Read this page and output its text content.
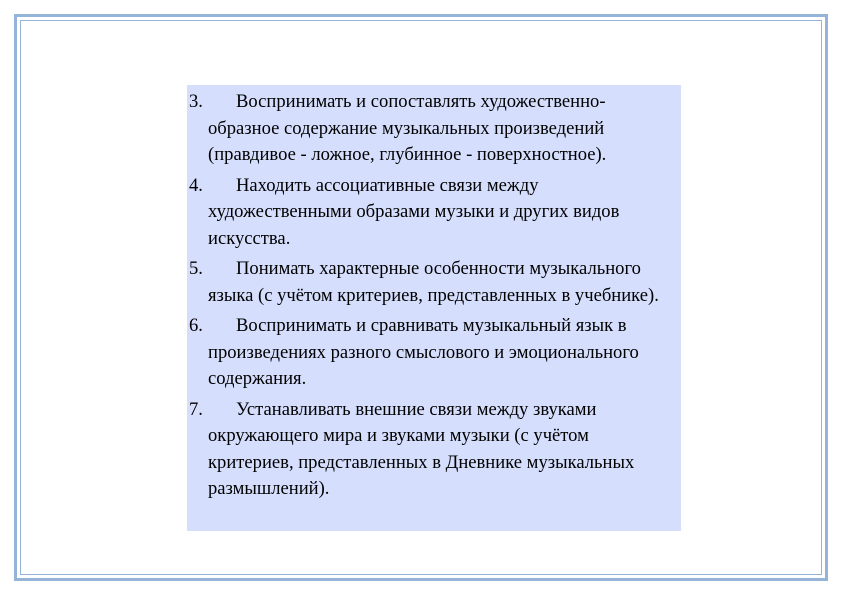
3.	Воспринимать и сопоставлять художественно-образное содержание музыкальных произведений (правдивое - ложное, глубинное - поверхностное).
4.	Находить ассоциативные связи между художественными образами музыки и других видов искусства.
5.	Понимать характерные особенности музыкального языка (с учётом критериев, представленных в учебнике).
6.	Воспринимать и сравнивать музыкальный язык в произведениях разного смыслового и эмоционального содержания.
7.	Устанавливать внешние связи между звуками окружающего мира и звуками музыки (с учётом критериев, представленных в Дневнике музыкальных размышлений).
